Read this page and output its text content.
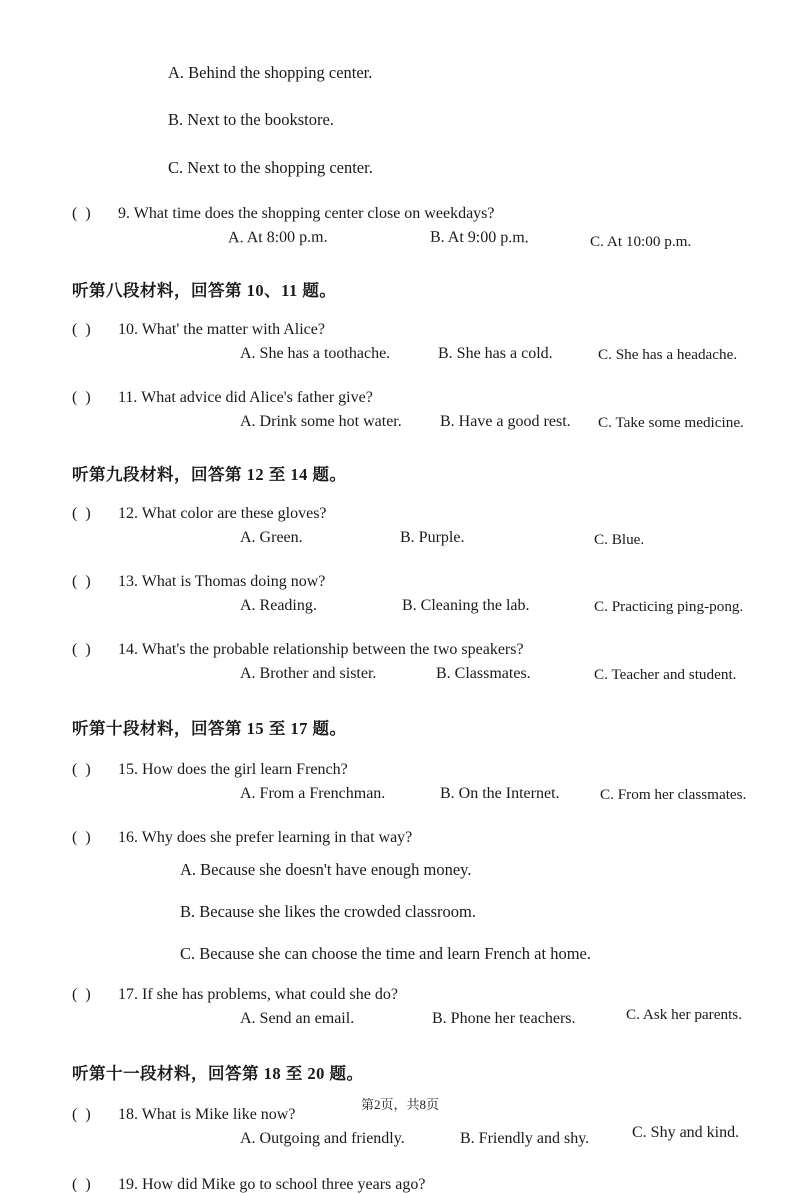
A. Behind the shopping center.
B. Next to the bookstore.
C. Next to the shopping center.
( ) 9. What time does the shopping center close on weekdays?
A. At 8:00 p.m.	B. At 9:00 p.m.	C. At 10:00 p.m.
听第八段材料，回答第 10、11 题。
( ) 10. What' the matter with Alice?
A. She has a toothache.	B. She has a cold.	C. She has a headache.
( ) 11. What advice did Alice's father give?
A. Drink some hot water. B. Have a good rest. C. Take some medicine.
听第九段材料，回答第 12 至 14 题。
( ) 12. What color are these gloves?
A. Green.	B. Purple.	C. Blue.
( ) 13. What is Thomas doing now?
A. Reading.	B. Cleaning the lab.	C. Practicing ping-pong.
( ) 14. What's the probable relationship between the two speakers?
A. Brother and sister.	B. Classmates.	C. Teacher and student.
听第十段材料，回答第 15 至 17 题。
( ) 15. How does the girl learn French?
A. From a Frenchman.	B. On the Internet.	C. From her classmates.
( ) 16. Why does she prefer learning in that way?
A. Because she doesn't have enough money.
B. Because she likes the crowded classroom.
C. Because she can choose the time and learn French at home.
( ) 17. If she has problems, what could she do?
A. Send an email.	B. Phone her teachers.	C. Ask her parents.
听第十一段材料，回答第 18 至 20 题。
( ) 18. What is Mike like now?
A. Outgoing and friendly.	B. Friendly and shy.	C. Shy and kind.
( ) 19. How did Mike go to school three years ago?
第2页，共8页
